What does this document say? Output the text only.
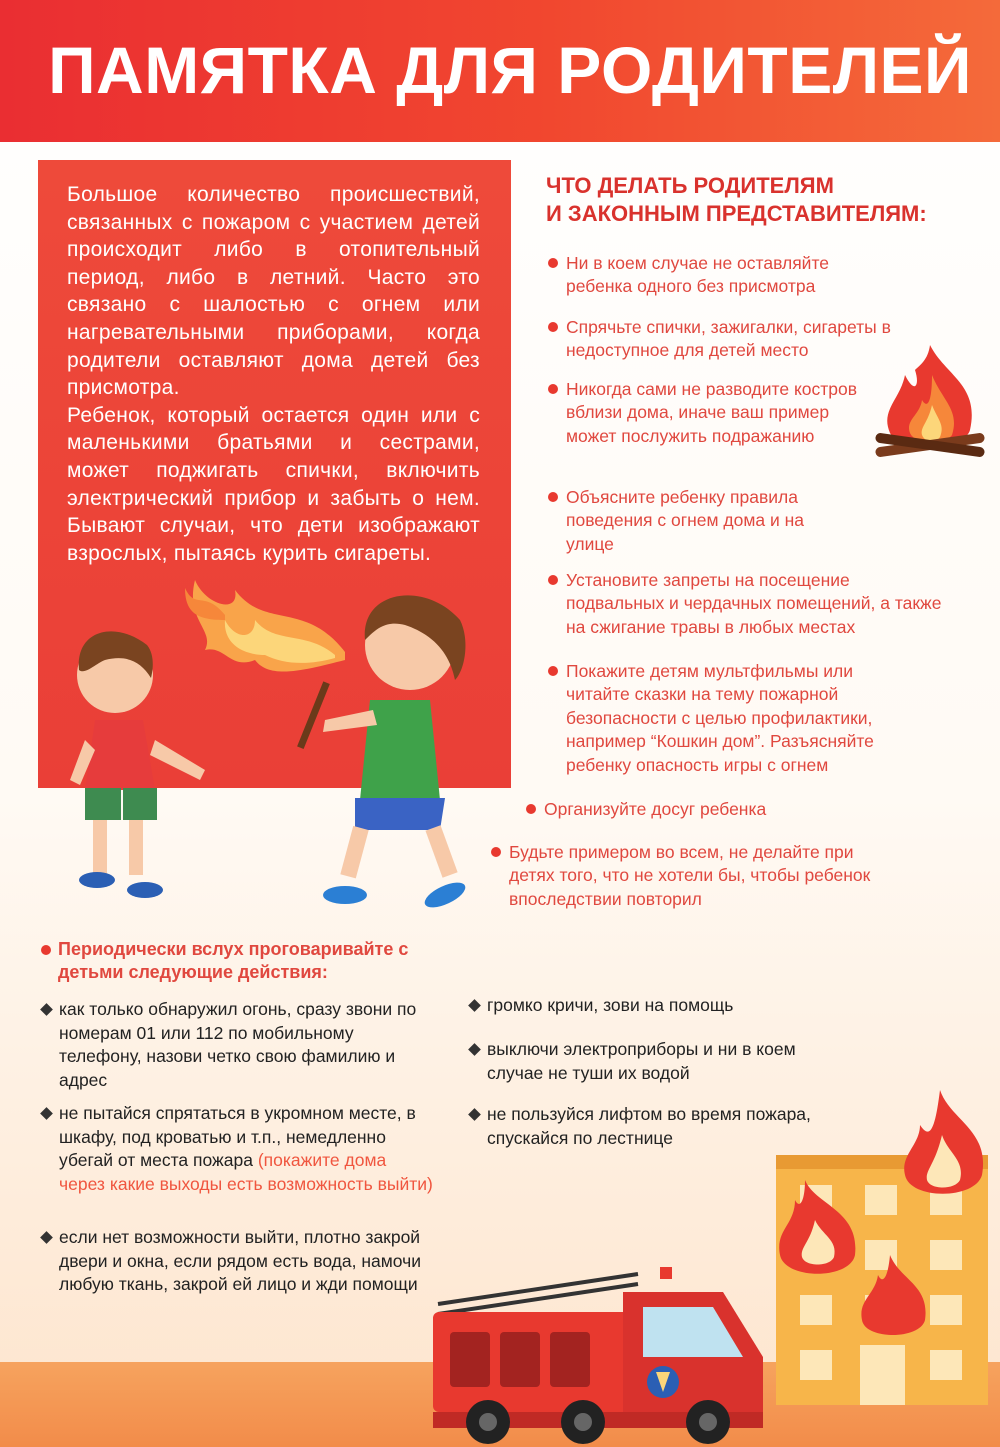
ПАМЯТКА ДЛЯ РОДИТЕЛЕЙ

Большое количество происшествий, связанных с пожаром с участием детей происходит либо в отопительный период, либо в летний. Часто это связано с шалостью с огнем или нагревательными приборами, когда родители оставляют дома детей без присмотра.

Ребенок, который остается один или с маленькими братьями и сестрами, может поджигать спички, включить электрический прибор и забыть о нем. Бывают случаи, что дети изображают взрослых, пытаясь курить сигареты.

ЧТО ДЕЛАТЬ РОДИТЕЛЯМ
И ЗАКОННЫМ ПРЕДСТАВИТЕЛЯМ:
Ни в коем случае не оставляйте ребенка одного без присмотра
Спрячьте спички, зажигалки, сигареты в недоступное для детей место
Никогда сами не разводите костров вблизи дома, иначе ваш пример может послужить подражанию
Объясните ребенку правила поведения с огнем дома и на улице
Установите запреты на посещение подвальных и чердачных помещений, а также на сжигание травы в любых местах
Покажите детям мультфильмы или читайте сказки на тему пожарной безопасности с целью профилактики, например “Кошкин дом”. Разъясняйте ребенку опасность игры с огнем
Организуйте досуг ребенка
Будьте примером во всем, не делайте при детях того, что не хотели бы, чтобы ребенок впоследствии повторил
Периодически вслух проговаривайте с детьми следующие действия:
как только обнаружил огонь, сразу звони по номерам 01 или 112 по мобильному телефону, назови четко свою фамилию и адрес
не пытайся спрятаться в укромном месте, в шкафу, под кроватью и т.п., немедленно убегай от места пожара (покажите дома через какие выходы есть возможность выйти)
если нет возможности выйти, плотно закрой двери и окна, если рядом есть вода, намочи любую ткань, закрой ей лицо и жди помощи
громко кричи, зови на помощь
выключи электроприборы и ни в коем случае не туши их водой
не пользуйся лифтом во время пожара, спускайся по лестнице
